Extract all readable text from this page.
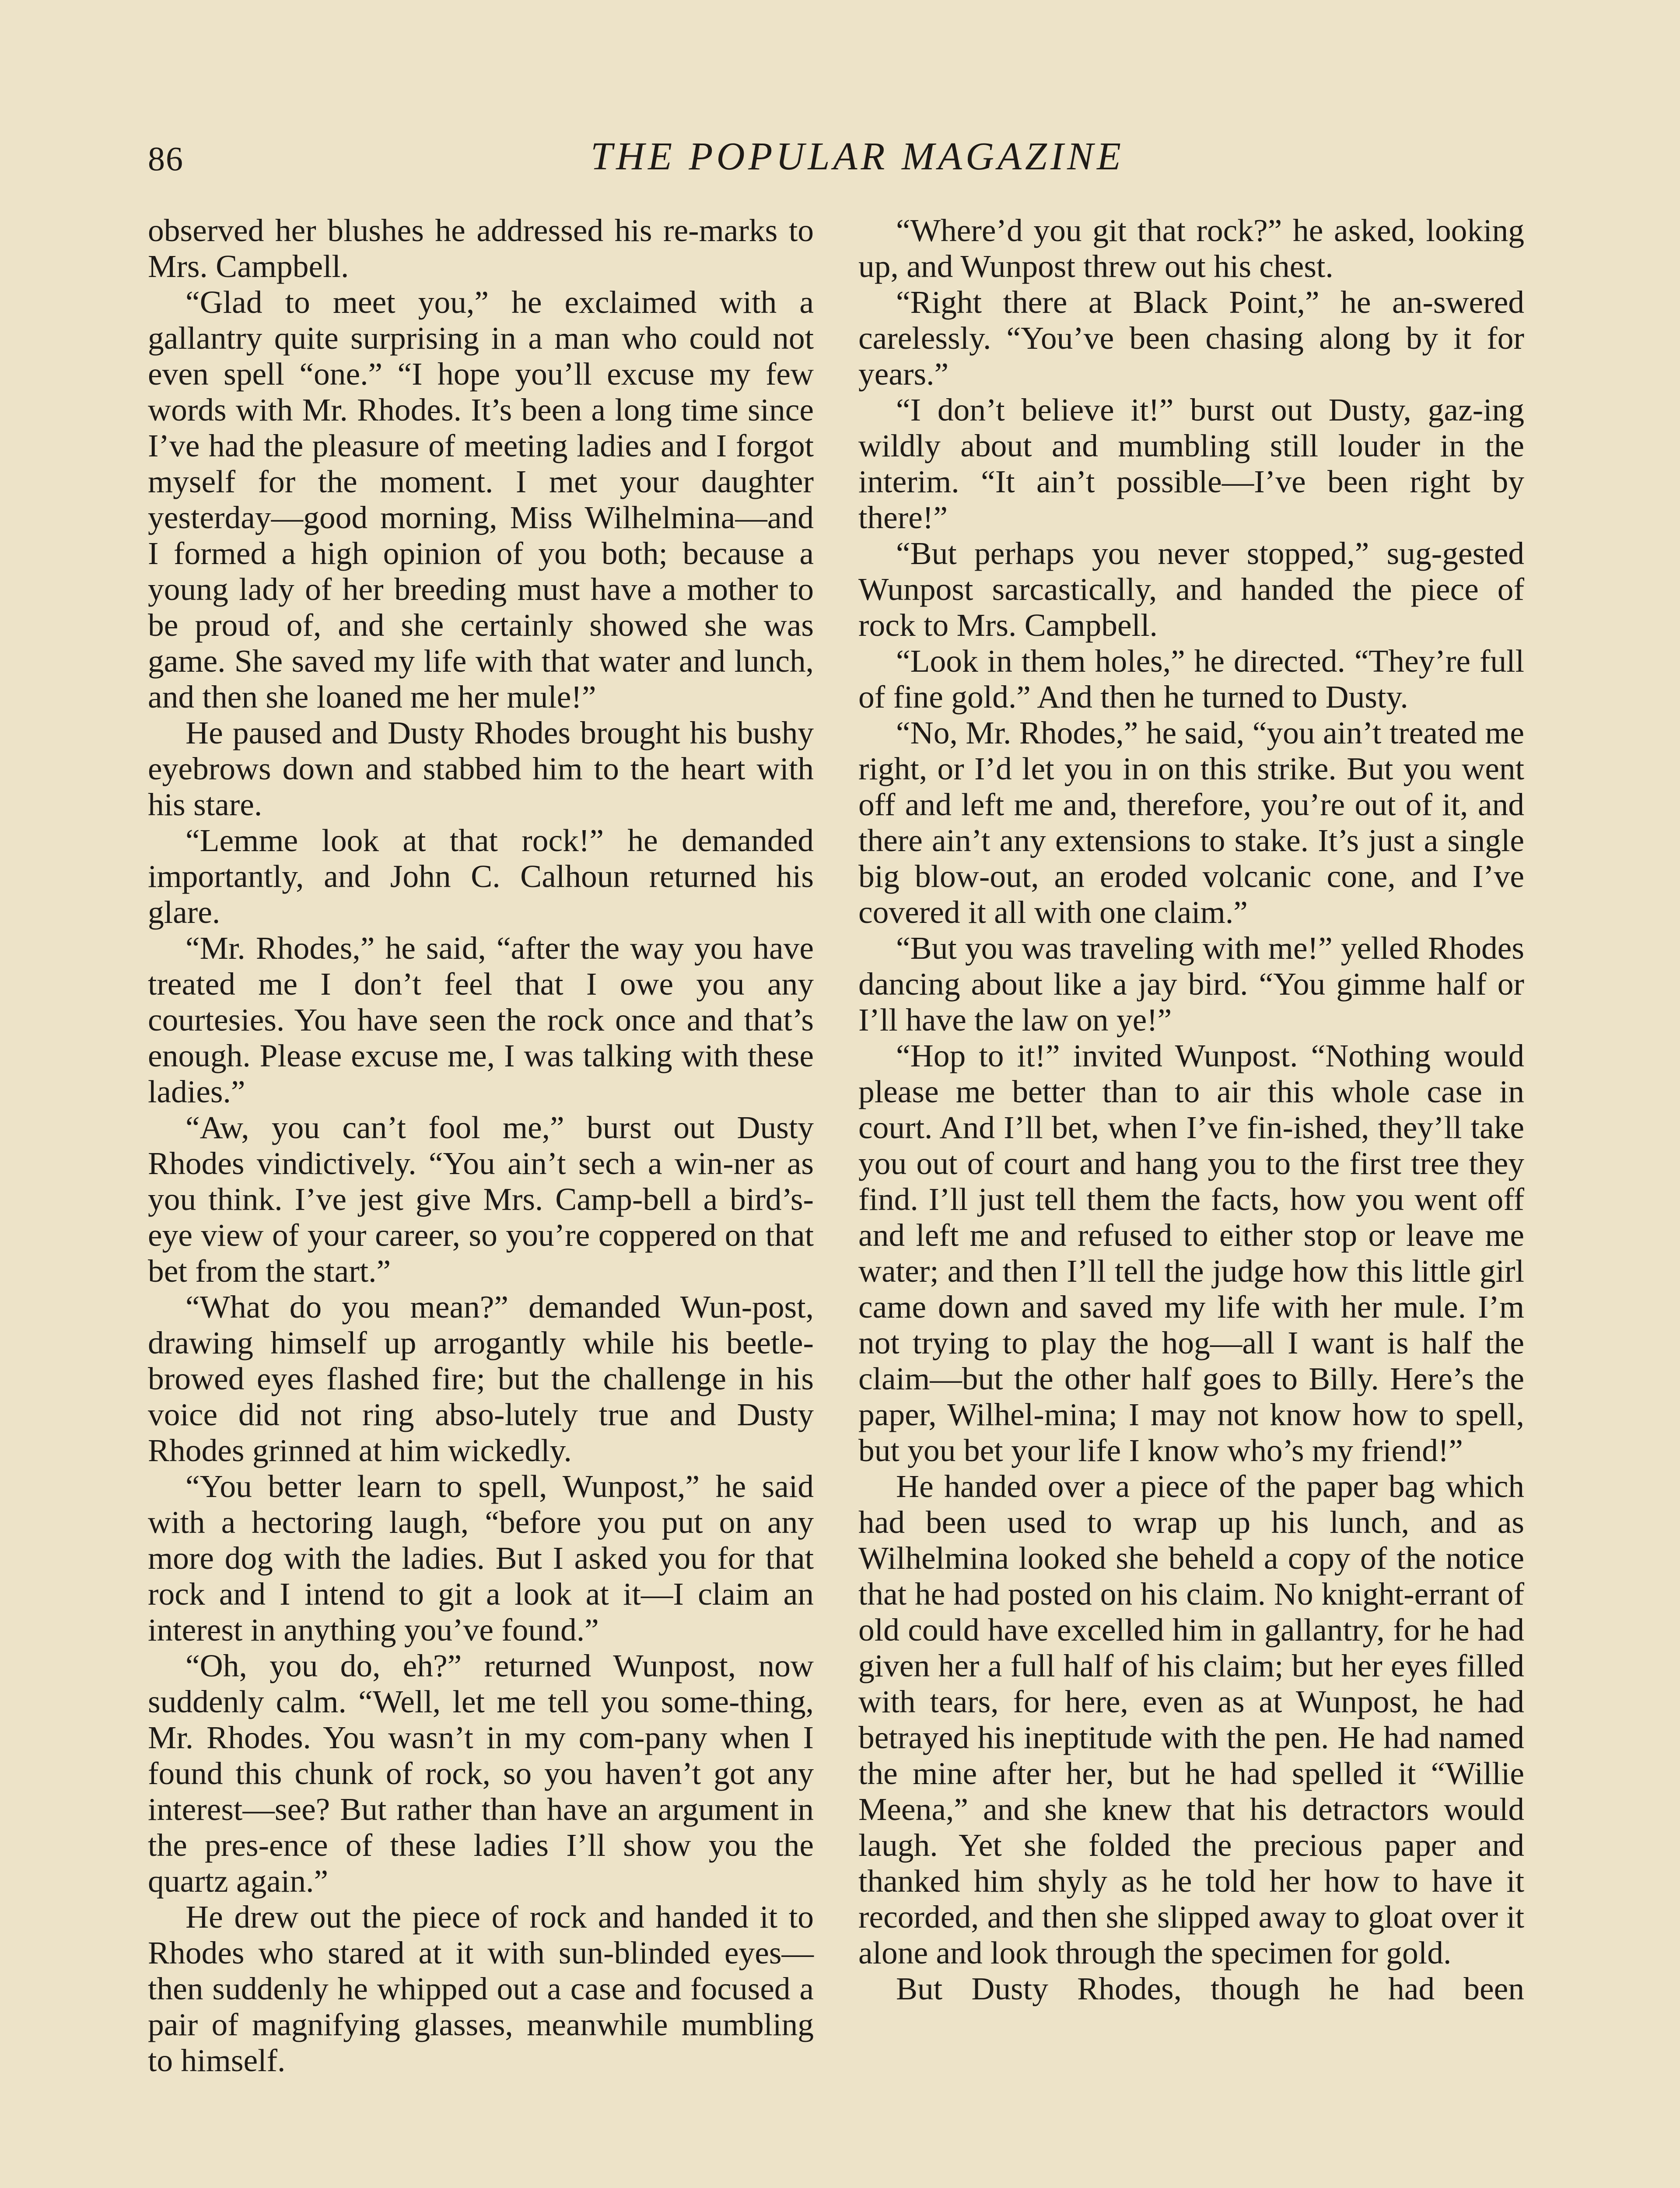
86	THE POPULAR MAGAZINE

observed her blushes he addressed his re-marks to Mrs. Campbell.

“Glad to meet you,” he exclaimed with a gallantry quite surprising in a man who could not even spell “one.” “I hope you’ll excuse my few words with Mr. Rhodes. It’s been a long time since I’ve had the pleasure of meeting ladies and I forgot myself for the moment. I met your daughter yesterday—good morning, Miss Wilhelmina—and I formed a high opinion of you both; because a young lady of her breeding must have a mother to be proud of, and she certainly showed she was game. She saved my life with that water and lunch, and then she loaned me her mule!”

He paused and Dusty Rhodes brought his bushy eyebrows down and stabbed him to the heart with his stare.

“Lemme look at that rock!” he demanded importantly, and John C. Calhoun returned his glare.

“Mr. Rhodes,” he said, “after the way you have treated me I don’t feel that I owe you any courtesies. You have seen the rock once and that’s enough. Please excuse me, I was talking with these ladies.”

“Aw, you can’t fool me,” burst out Dusty Rhodes vindictively. “You ain’t sech a win-ner as you think. I’ve jest give Mrs. Camp-bell a bird’s-eye view of your career, so you’re coppered on that bet from the start.”

“What do you mean?” demanded Wun-post, drawing himself up arrogantly while his beetle-browed eyes flashed fire; but the challenge in his voice did not ring abso-lutely true and Dusty Rhodes grinned at him wickedly.

“You better learn to spell, Wunpost,” he said with a hectoring laugh, “before you put on any more dog with the ladies. But I asked you for that rock and I intend to git a look at it—I claim an interest in anything you’ve found.”

“Oh, you do, eh?” returned Wunpost, now suddenly calm. “Well, let me tell you some-thing, Mr. Rhodes. You wasn’t in my com-pany when I found this chunk of rock, so you haven’t got any interest—see? But rather than have an argument in the pres-ence of these ladies I’ll show you the quartz again.”

He drew out the piece of rock and handed it to Rhodes who stared at it with sun-blinded eyes—then suddenly he whipped out a case and focused a pair of magnifying glasses, meanwhile mumbling to himself.

“Where’d you git that rock?” he asked, looking up, and Wunpost threw out his chest.

“Right there at Black Point,” he an-swered carelessly. “You’ve been chasing along by it for years.”

“I don’t believe it!” burst out Dusty, gaz-ing wildly about and mumbling still louder in the interim. “It ain’t possible—I’ve been right by there!”

“But perhaps you never stopped,” sug-gested Wunpost sarcastically, and handed the piece of rock to Mrs. Campbell.

“Look in them holes,” he directed. “They’re full of fine gold.” And then he turned to Dusty.

“No, Mr. Rhodes,” he said, “you ain’t treated me right, or I’d let you in on this strike. But you went off and left me and, therefore, you’re out of it, and there ain’t any extensions to stake. It’s just a single big blow-out, an eroded volcanic cone, and I’ve covered it all with one claim.”

“But you was traveling with me!” yelled Rhodes dancing about like a jay bird. “You gimme half or I’ll have the law on ye!”

“Hop to it!” invited Wunpost. “Nothing would please me better than to air this whole case in court. And I’ll bet, when I’ve fin-ished, they’ll take you out of court and hang you to the first tree they find. I’ll just tell them the facts, how you went off and left me and refused to either stop or leave me water; and then I’ll tell the judge how this little girl came down and saved my life with her mule. I’m not trying to play the hog—all I want is half the claim—but the other half goes to Billy. Here’s the paper, Wilhel-mina; I may not know how to spell, but you bet your life I know who’s my friend!”

He handed over a piece of the paper bag which had been used to wrap up his lunch, and as Wilhelmina looked she beheld a copy of the notice that he had posted on his claim. No knight-errant of old could have excelled him in gallantry, for he had given her a full half of his claim; but her eyes filled with tears, for here, even as at Wunpost, he had betrayed his ineptitude with the pen. He had named the mine after her, but he had spelled it “Willie Meena,” and she knew that his detractors would laugh. Yet she folded the precious paper and thanked him shyly as he told her how to have it recorded, and then she slipped away to gloat over it alone and look through the specimen for gold.

But Dusty Rhodes, though he had been
